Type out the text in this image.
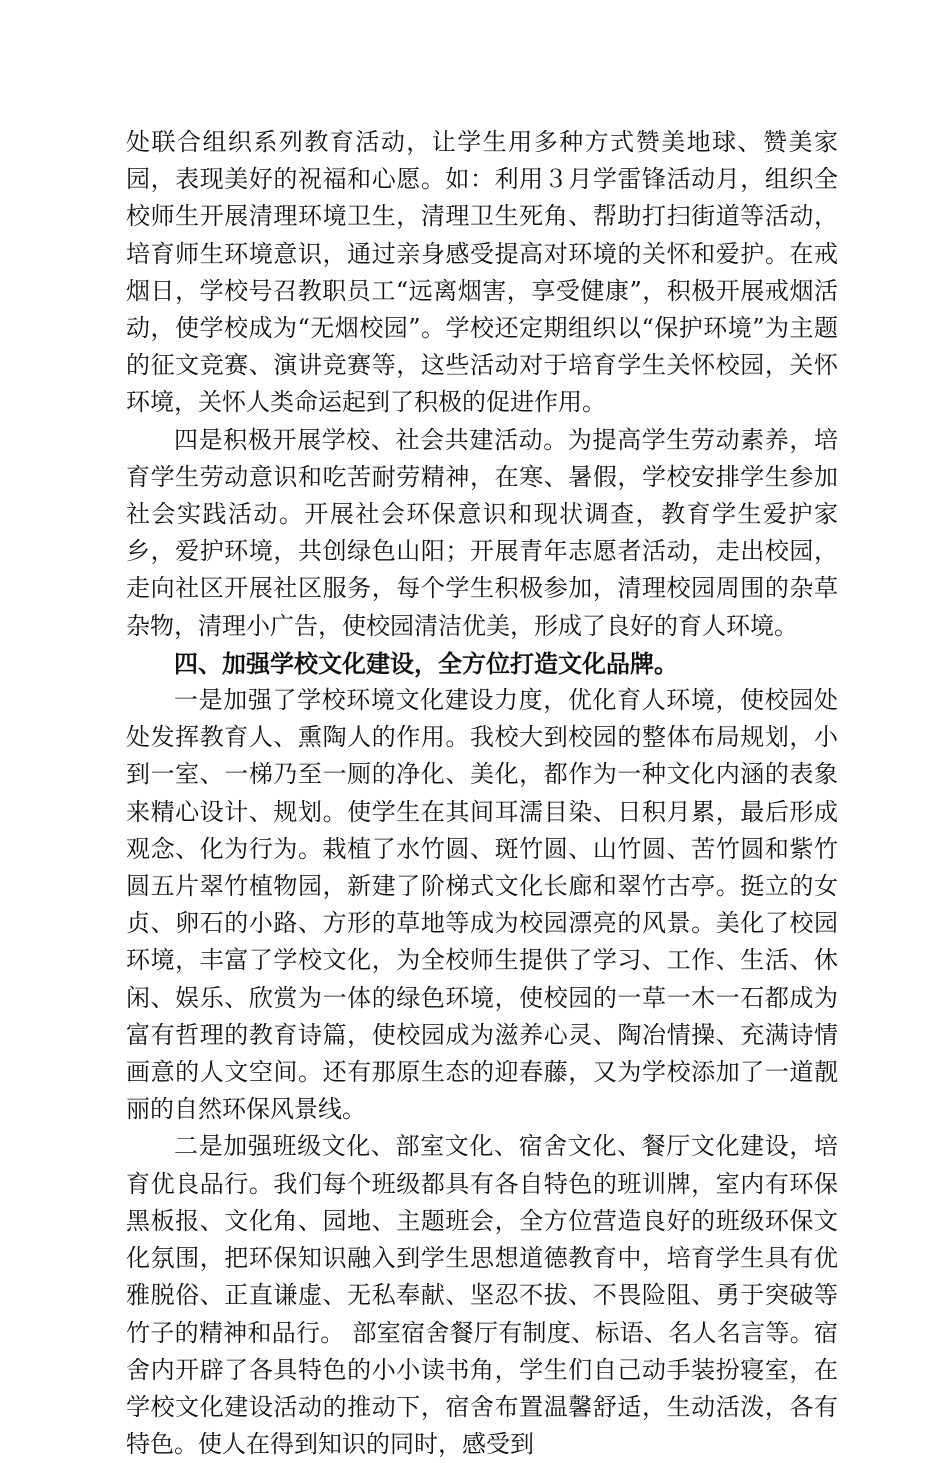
处联合组织系列教育活动，让学生用多种方式赞美地球、赞美家园，表现美好的祝福和心愿。如：利用３月学雷锋活动月，组织全校师生开展清理环境卫生，清理卫生死角、帮助打扫街道等活动，培育师生环境意识，通过亲身感受提高对环境的关怀和爱护。在戒烟日，学校号召教职员工“远离烟害，享受健康”，积极开展戒烟活动，使学校成为“无烟校园”。学校还定期组织以“保护环境”为主题的征文竞赛、演讲竞赛等，这些活动对于培育学生关怀校园，关怀环境，关怀人类命运起到了积极的促进作用。

四是积极开展学校、社会共建活动。为提高学生劳动素养，培育学生劳动意识和吃苦耐劳精神，在寒、暑假，学校安排学生参加社会实践活动。开展社会环保意识和现状调查，教育学生爱护家乡，爱护环境，共创绿色山阳；开展青年志愿者活动，走出校园，走向社区开展社区服务，每个学生积极参加，清理校园周围的杂草杂物，清理小广告，使校园清洁优美，形成了良好的育人环境。

四、加强学校文化建设，全方位打造文化品牌。

一是加强了学校环境文化建设力度，优化育人环境，使校园处处发挥教育人、熏陶人的作用。我校大到校园的整体布局规划，小到一室、一梯乃至一厕的净化、美化，都作为一种文化内涵的表象来精心设计、规划。使学生在其间耳濡目染、日积月累，最后形成观念、化为行为。栽植了水竹圆、斑竹圆、山竹圆、苦竹圆和紫竹圆五片翠竹植物园，新建了阶梯式文化长廊和翠竹古亭。挺立的女贞、卵石的小路、方形的草地等成为校园漂亮的风景。美化了校园环境，丰富了学校文化，为全校师生提供了学习、工作、生活、休闲、娱乐、欣赏为一体的绿色环境，使校园的一草一木一石都成为富有哲理的教育诗篇，使校园成为滋养心灵、陶冶情操、充满诗情画意的人文空间。还有那原生态的迎春藤，又为学校添加了一道靓丽的自然环保风景线。

二是加强班级文化、部室文化、宿舍文化、餐厅文化建设，培育优良品行。我们每个班级都具有各自特色的班训牌，室内有环保黑板报、文化角、园地、主题班会，全方位营造良好的班级环保文化氛围，把环保知识融入到学生思想道德教育中，培育学生具有优雅脱俗、正直谦虚、无私奉献、坚忍不拔、不畏险阻、勇于突破等竹子的精神和品行。 部室宿舍餐厅有制度、标语、名人名言等。宿舍内开辟了各具特色的小小读书角，学生们自己动手装扮寝室，在学校文化建设活动的推动下，宿舍布置温馨舒适，生动活泼，各有特色。使人在得到知识的同时，感受到
